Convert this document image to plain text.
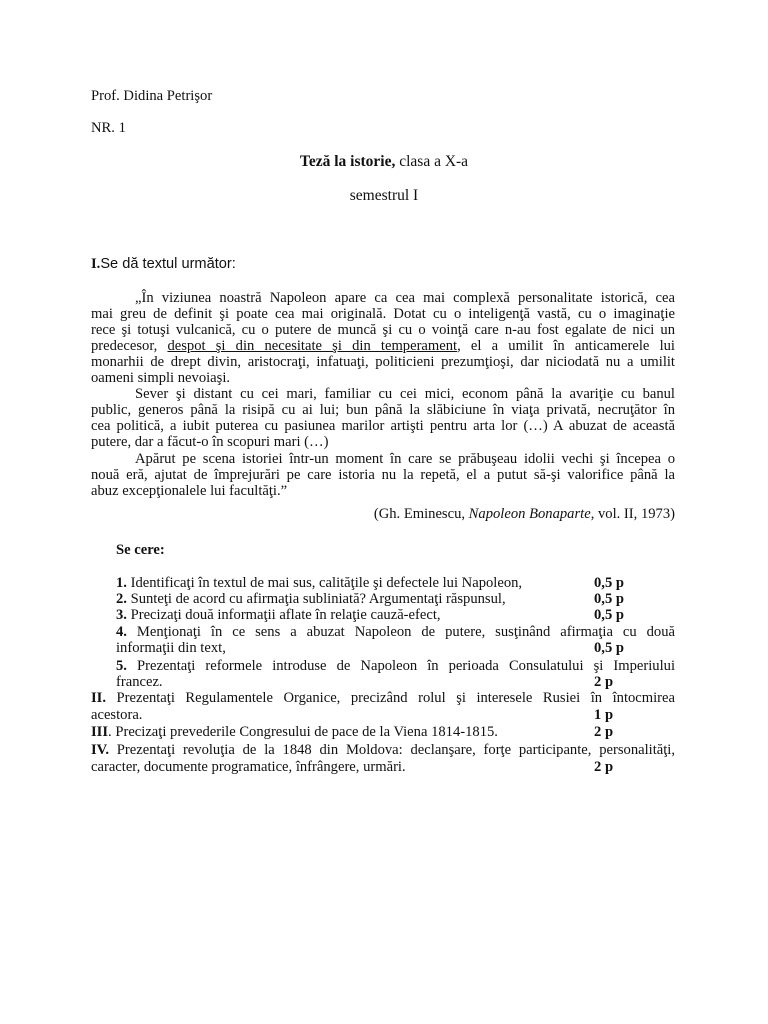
Prof. Didina Petrişor
NR. 1
Teză la istorie, clasa a X-a
semestrul I
I.Se dă textul următor:
„În viziunea noastră Napoleon apare ca cea mai complexă personalitate istorică, cea
mai greu de definit şi poate cea mai originală. Dotat cu o inteligenţă vastă, cu o imaginaţie
rece şi totuşi vulcanică, cu o putere de muncă şi cu o voinţă care n-au fost egalate de nici un
predecesor, despot şi din necesitate şi din temperament, el a umilit în anticamerele lui
monarhii de drept divin, aristocraţi, infatuaţi, politicieni prezumţioşi, dar niciodată nu a umilit
oameni simpli nevoiaşi.
Sever şi distant cu cei mari, familiar cu cei mici, econom până la avariţie cu banul
public, generos până la risipă cu ai lui; bun până la slăbiciune în viaţa privată, necruţător în
cea politică, a iubit puterea cu pasiunea marilor artişti pentru arta lor (…) A abuzat de această
putere, dar a făcut-o în scopuri mari (…)
Apărut pe scena istoriei într-un moment în care se prăbuşeau idolii vechi şi începea o
nouă eră, ajutat de împrejurări pe care istoria nu la repetă, el a putut să-şi valorifice până la
abuz excepţionalele lui facultăţi.”
(Gh. Eminescu, Napoleon Bonaparte, vol. II, 1973)
Se cere:
1. Identificaţi în textul de mai sus, calităţile şi defectele lui Napoleon,	0,5 p
2. Sunteţi de acord cu afirmaţia subliniată? Argumentaţi răspunsul,	0,5 p
3. Precizaţi două informaţii aflate în relaţie cauză-efect,	0,5 p
4. Menţionaţi în ce sens a abuzat Napoleon de putere, susţinând afirmaţia cu două
informaţii din text,	0,5 p
5. Prezentaţi reformele introduse de Napoleon în perioada Consulatului şi Imperiului
francez.	2 p
II. Prezentaţi Regulamentele Organice, precizând rolul şi interesele Rusiei în întocmirea
acestora.	1 p
III. Precizaţi prevederile Congresului de pace de la Viena 1814-1815.	2 p
IV. Prezentaţi revoluţia de la 1848 din Moldova: declanşare, forţe participante, personalităţi,
caracter, documente programatice, înfrângere, urmări.	2 p
